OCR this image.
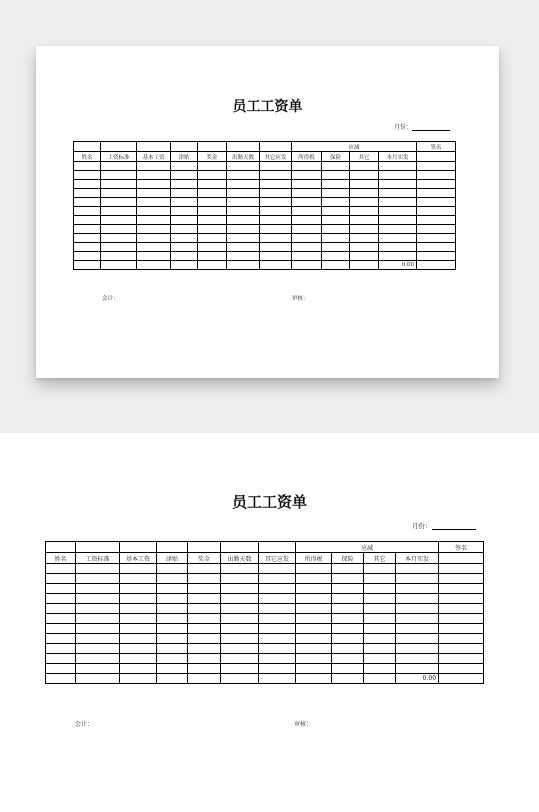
员工工资单
月份：
							应减				签名
姓名	工资标准	基本工资	津贴	奖金	出勤天数	其它应发	所得税	保险	其它	本月实发	

										0.00	
会计：	审核：
员工工资单
月份：
							应减				签名
姓名	工资标准	基本工资	津贴	奖金	出勤天数	其它应发	所得税	保险	其它	本月实发	

										0.00	
会计：	审核：
